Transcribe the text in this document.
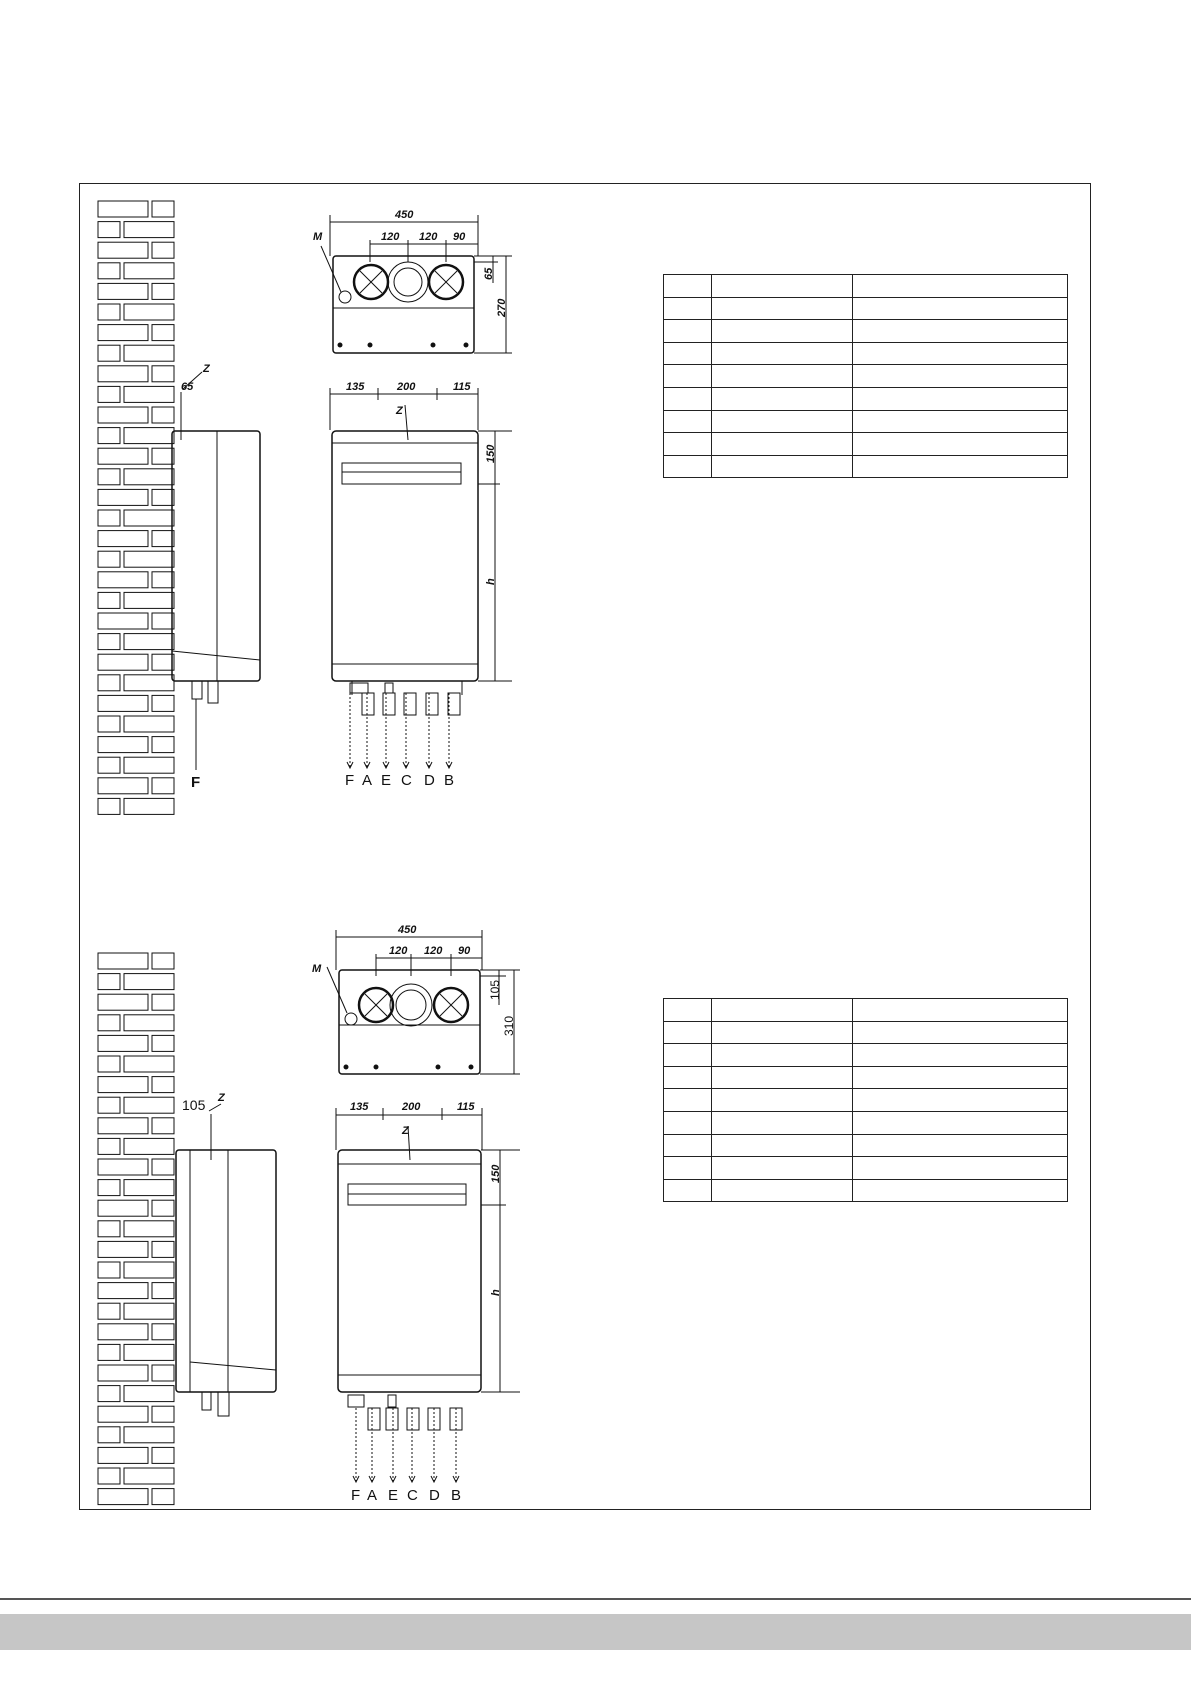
F A E C D B
F A E C D B
450
120 120 90
65
270
M
135	200	115
150
h
Z
Z
65
F
450
120 120 90
105
310
M
135	200	115
150
h
Z
Z
105
